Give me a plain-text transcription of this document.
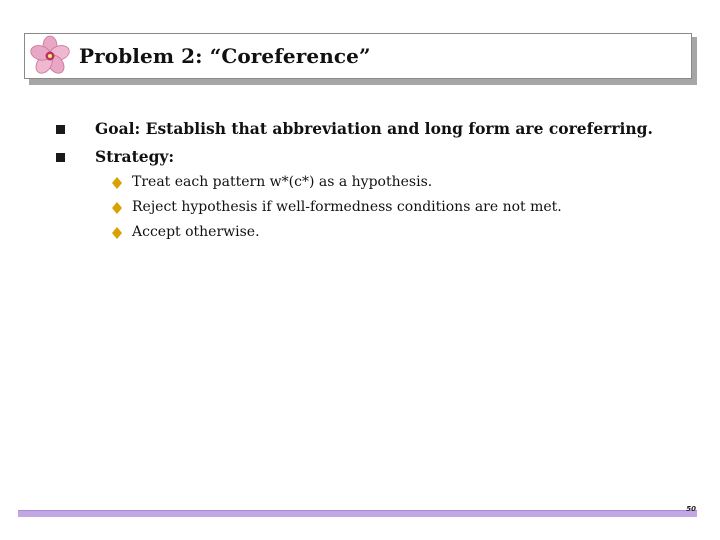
Problem 2: “Coreference”
Goal: Establish that abbreviation and long form are coreferring.
Strategy:
Treat each pattern w*(c*) as a hypothesis.
Reject hypothesis if well-formedness conditions are not met.
Accept otherwise.
50
